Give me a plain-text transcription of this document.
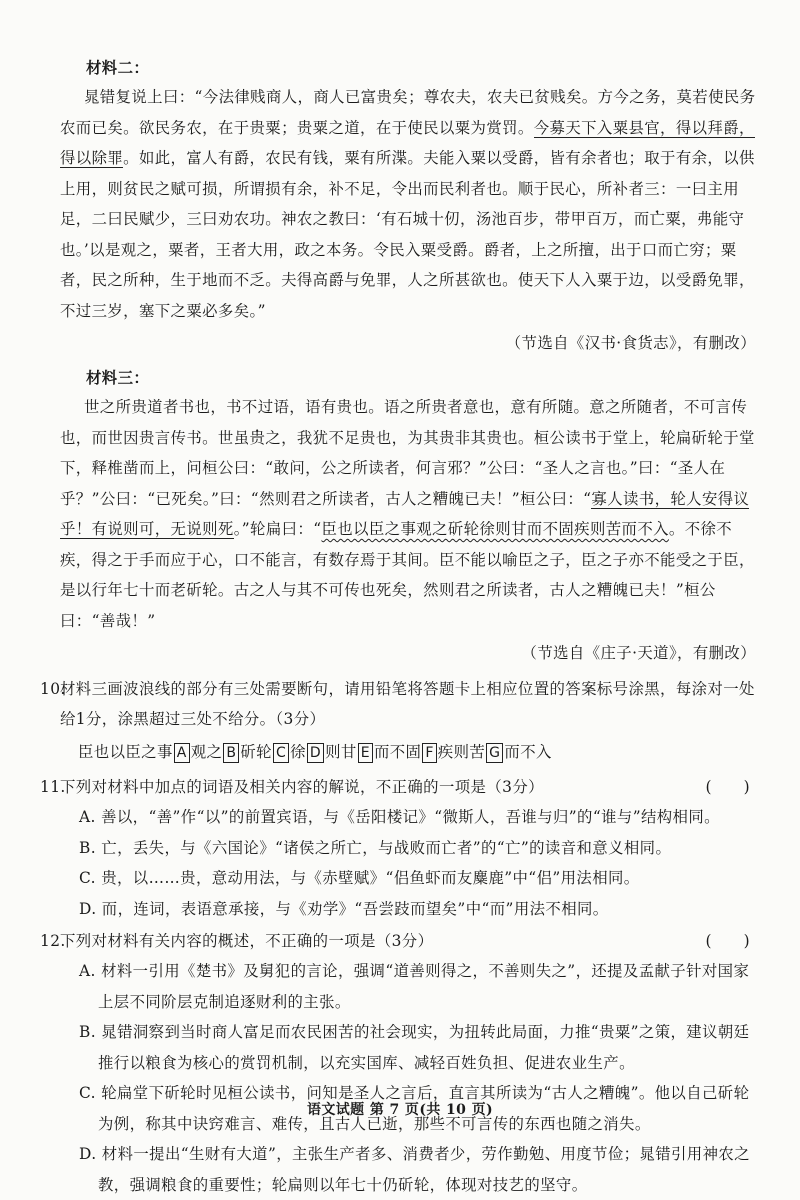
材料二：

晁错复说上曰：“今法律贱商人，商人已富贵矣；尊农夫，农夫已贫贱矣。方今之务，莫若使民务农而已矣。欲民务农，在于贵粟；贵粟之道，在于使民以粟为赏罚。今募天下入粟县官，得以拜爵，得以除罪。如此，富人有爵，农民有钱，粟有所渫。夫能入粟以受爵，皆有余者也；取于有余，以供上用，则贫民之赋可损，所谓损有余，补不足，令出而民利者也。顺于民心，所补者三：一曰主用足，二曰民赋少，三曰劝农功。神农之教曰：‘有石城十仞，汤池百步，带甲百万，而亡粟，弗能守也。’以是观之，粟者，王者大用，政之本务。令民入粟受爵。爵者，上之所擅，出于口而亡穷；粟者，民之所种，生于地而不乏。夫得高爵与免罪，人之所甚欲也。使天下人入粟于边，以受爵免罪，不过三岁，塞下之粟必多矣。”

（节选自《汉书·食货志》，有删改）
材料三：

世之所贵道者书也，书不过语，语有贵也。语之所贵者意也，意有所随。意之所随者，不可言传也，而世因贵言传书。世虽贵之，我犹不足贵也，为其贵非其贵也。桓公读书于堂上，轮扁斫轮于堂下，释椎凿而上，问桓公曰：“敢问，公之所读者，何言邪？”公曰：“圣人之言也。”曰：“圣人在乎？”公曰：“已死矣。”曰：“然则君之所读者，古人之糟魄已夫！”桓公曰：“寡人读书，轮人安得议乎！有说则可，无说则死。”轮扁曰：“臣也以臣之事观之斫轮徐则甘而不固疾则苦而不入。不徐不疾，得之于手而应于心，口不能言，有数存焉于其间。臣不能以喻臣之子，臣之子亦不能受之于臣，是以行年七十而老斫轮。古之人与其不可传也死矣，然则君之所读者，古人之糟魄已夫！”桓公曰：“善哉！”

（节选自《庄子·天道》，有删改）
10.材料三画波浪线的部分有三处需要断句，请用铅笔将答题卡上相应位置的答案标号涂黑，每涂对一处给1分，涂黑超过三处不给分。（3分）
臣也以臣之事 A 观之 B 斫轮 C 徐 D 则甘 E 而不固 F 疾则苦 G 而不入
11.下列对材料中加点的词语及相关内容的解说，不正确的一项是（3分）	(      )

A. 善以，“善”作“以”的前置宾语，与《岳阳楼记》“微斯人，吾谁与归”的“谁与”结构相同。

B. 亡，丢失，与《六国论》“诸侯之所亡，与战败而亡者”的“亡”的读音和意义相同。

C. 贵，以……贵，意动用法，与《赤壁赋》“侣鱼虾而友麋鹿”中“侣”用法相同。

D. 而，连词，表语意承接，与《劝学》“吾尝跂而望矣”中“而”用法不相同。

12.下列对材料有关内容的概述，不正确的一项是（3分）	(      )

A. 材料一引用《楚书》及舅犯的言论，强调“道善则得之，不善则失之”，还提及孟献子针对国家上层不同阶层克制追逐财利的主张。

B. 晁错洞察到当时商人富足而农民困苦的社会现实，为扭转此局面，力推“贵粟”之策，建议朝廷推行以粮食为核心的赏罚机制，以充实国库、减轻百姓负担、促进农业生产。

C. 轮扁堂下斫轮时见桓公读书，问知是圣人之言后，直言其所读为“古人之糟魄”。他以自己斫轮为例，称其中诀窍难言、难传，且古人已逝，那些不可言传的东西也随之消失。

D. 材料一提出“生财有大道”，主张生产者多、消费者少，劳作勤勉、用度节俭；晁错引用神农之教，强调粮食的重要性；轮扁则以年七十仍斫轮，体现对技艺的坚守。

语文试题 第 7 页(共 10 页)
